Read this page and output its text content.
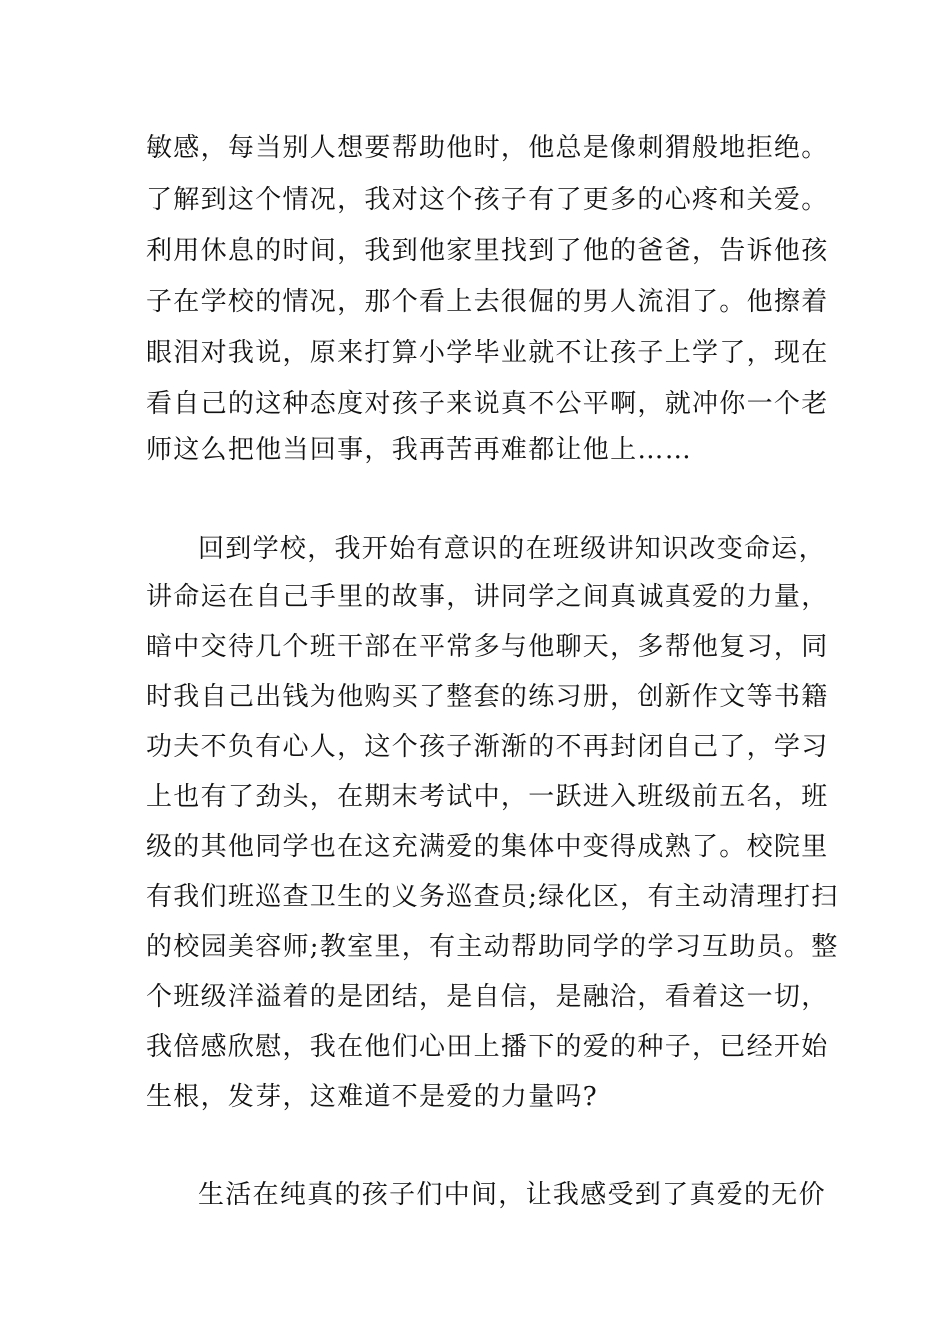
敏感，每当别人想要帮助他时，他总是像刺猬般地拒绝。
了解到这个情况，我对这个孩子有了更多的心疼和关爱。
利用休息的时间，我到他家里找到了他的爸爸，告诉他孩
子在学校的情况，那个看上去很倔的男人流泪了。他擦着
眼泪对我说，原来打算小学毕业就不让孩子上学了，现在
看自己的这种态度对孩子来说真不公平啊，就冲你一个老
师这么把他当回事，我再苦再难都让他上……
回到学校，我开始有意识的在班级讲知识改变命运，
讲命运在自己手里的故事，讲同学之间真诚真爱的力量，
暗中交待几个班干部在平常多与他聊天，多帮他复习，同
时我自己出钱为他购买了整套的练习册，创新作文等书籍
功夫不负有心人，这个孩子渐渐的不再封闭自己了，学习
上也有了劲头，在期末考试中，一跃进入班级前五名，班
级的其他同学也在这充满爱的集体中变得成熟了。校院里
有我们班巡查卫生的义务巡查员;绿化区，有主动清理打扫
的校园美容师;教室里，有主动帮助同学的学习互助员。整
个班级洋溢着的是团结，是自信，是融洽，看着这一切，
我倍感欣慰，我在他们心田上播下的爱的种子，已经开始
生根，发芽，这难道不是爱的力量吗?
生活在纯真的孩子们中间，让我感受到了真爱的无价
